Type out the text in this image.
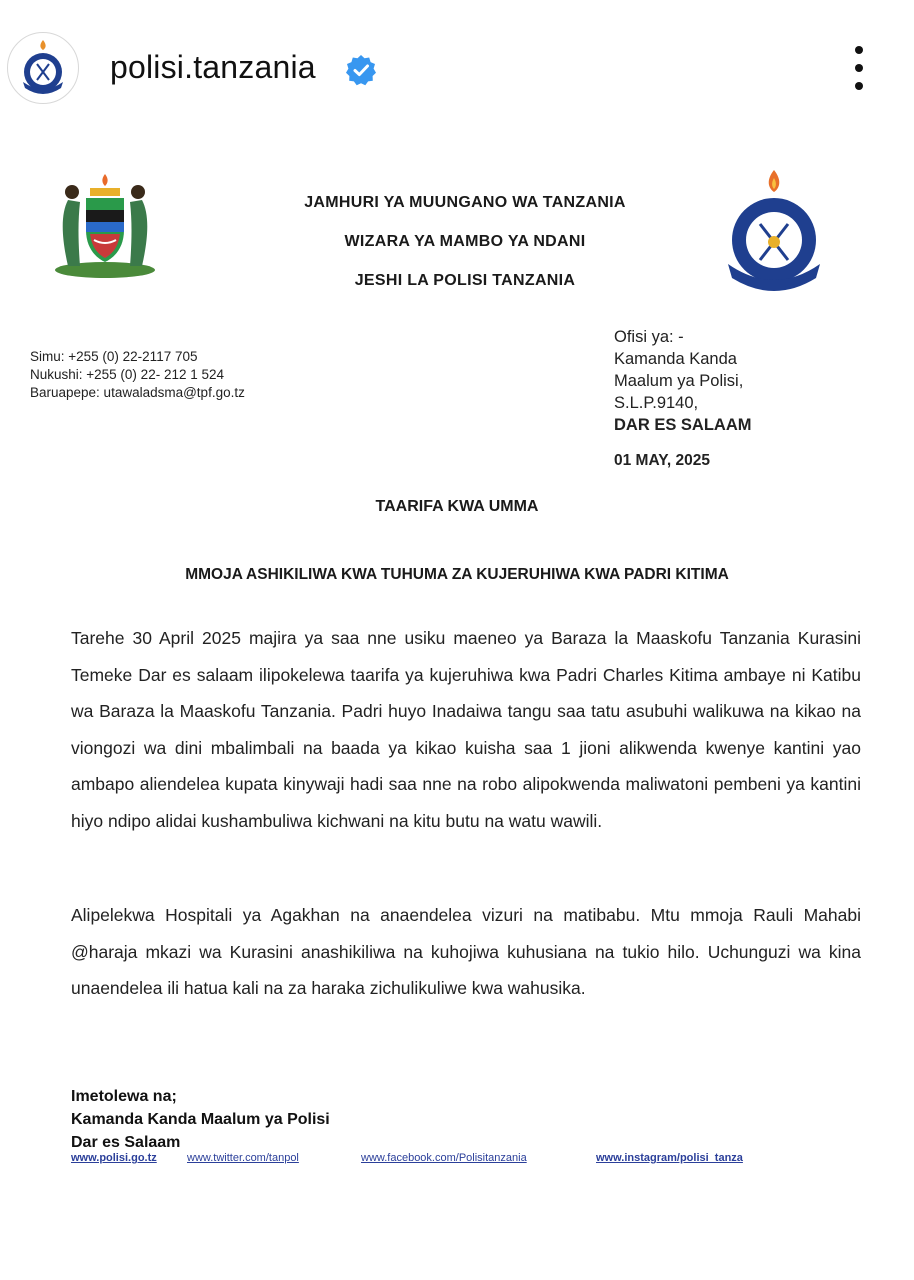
polisi.tanzania
JAMHURI YA MUUNGANO WA TANZANIA
WIZARA YA MAMBO YA NDANI
JESHI LA POLISI TANZANIA
Simu: +255 (0) 22-2117 705
Nukushi: +255 (0) 22- 212 1 524
Baruapepe: utawaladsma@tpf.go.tz
Ofisi ya: -
Kamanda Kanda
Maalum ya Polisi,
S.L.P.9140,
DAR ES SALAAM
01 MAY, 2025
TAARIFA KWA UMMA
MMOJA ASHIKILIWA KWA TUHUMA ZA KUJERUHIWA KWA PADRI KITIMA
Tarehe 30 April 2025 majira ya saa nne usiku maeneo ya Baraza la Maaskofu Tanzania Kurasini Temeke Dar es salaam ilipokelewa taarifa ya kujeruhiwa kwa Padri Charles Kitima ambaye ni Katibu wa Baraza la Maaskofu Tanzania. Padri huyo Inadaiwa tangu saa tatu asubuhi walikuwa na kikao na viongozi wa dini mbalimbali na baada ya kikao kuisha saa 1 jioni alikwenda kwenye kantini yao ambapo aliendelea kupata kinywaji hadi saa nne na robo alipokwenda maliwatoni pembeni ya kantini hiyo ndipo alidai kushambuliwa kichwani na kitu butu na watu wawili.
Alipelekwa Hospitali ya Agakhan na anaendelea vizuri na matibabu. Mtu mmoja Rauli Mahabi @haraja mkazi wa Kurasini anashikiliwa na kuhojiwa kuhusiana na tukio hilo. Uchunguzi wa kina unaendelea ili hatua kali na za haraka zichulikuliwe kwa wahusika.
Imetolewa na;
Kamanda Kanda Maalum ya Polisi
Dar es Salaam
www.polisi.go.tz	www.twitter.com/tanpol	www.facebook.com/Polisitanzania	www.instagram/polisi_tanza
